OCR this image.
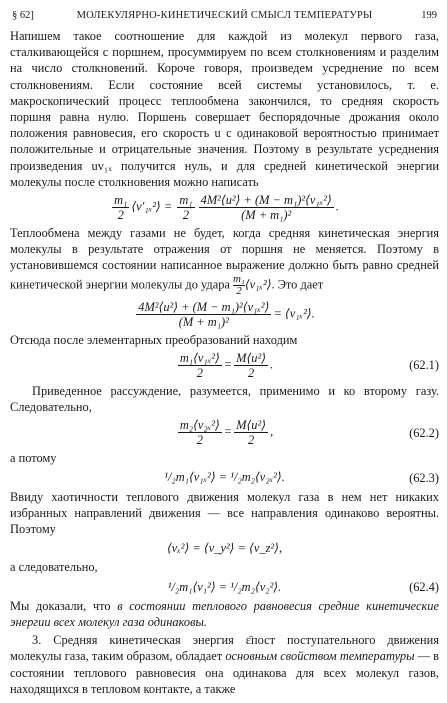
§ 62]	МОЛЕКУЛЯРНО-КИНЕТИЧЕСКИЙ СМЫСЛ ТЕМПЕРАТУРЫ	199

Напишем такое соотношение для каждой из молекул первого газа, сталкивающейся с поршнем, просуммируем по всем столкновениям и разделим на число столкновений. Короче говоря, произведем усреднение по всем столкновениям. Если состояние всей системы установилось, т. е. макроскопический процесс теплообмена закончился, то средняя скорость поршня равна нулю. Поршень совершает беспорядочные дрожания около положения равновесия, его скорость u с одинаковой вероятностью принимает положительные и отрицательные значения. Поэтому в результате усреднения произведения uv₁ₓ получится нуль, и для средней кинетической энергии молекулы после столкновения можно написать

$\frac{\text{m₁}}{2}$ ⟨v′₁ₓ²⟩ = $\frac{\text{m₁}}{2} \frac{\text{4M²⟨u²⟩ + (M − m₁)²⟨v₁ₓ²⟩}}{\text{(M + m₁)²}}$ .

Теплообмена между газами не будет, когда средняя кинетическая энергия молекулы в результате отражения от поршня не меняется. Поэтому в установившемся состоянии написанное выражение должно быть равно средней кинетической энергии молекулы до удара $\frac{\text{m₁}}{2}$ ⟨v₁ₓ²⟩. Это дает

$\frac{\text{4M²⟨u²⟩ + (M − m₁)²⟨v₁ₓ²⟩}}{\text{(M + m₁)²}}$ = ⟨v₁ₓ²⟩.

Отсюда после элементарных преобразований находим

$\frac{\text{m₁⟨v₁ₓ²⟩}}{2} = \frac{\text{M⟨u²⟩}}{2}$ .	(62.1)

Приведенное рассуждение, разумеется, применимо и ко второму газу. Следовательно,

$\frac{\text{m₂⟨v₂ₓ²⟩}}{2} = \frac{\text{M⟨u²⟩}}{2}$ ,	(62.2)

а потому

¹/₂m₁⟨v₁ₓ²⟩ = ¹/₂m₂⟨v₂ₓ²⟩.	(62.3)

Ввиду хаотичности теплового движения молекул газа в нем нет никаких избранных направлений движения — все направления одинаково вероятны. Поэтому

⟨vₓ²⟩ = ⟨v_y²⟩ = ⟨v_z²⟩,

а следовательно,

¹/₂m₁⟨v₁²⟩ = ¹/₂m₂⟨v₂²⟩.	(62.4)

Мы доказали, что в состоянии теплового равновесия средние кинетические энергии всех молекул газа одинаковы.

3. Средняя кинетическая энергия ε̄пост поступательного движения молекулы газа, таким образом, обладает основным свойством температуры — в состоянии теплового равновесия она одинакова для всех молекул газов, находящихся в тепловом контакте, а также
